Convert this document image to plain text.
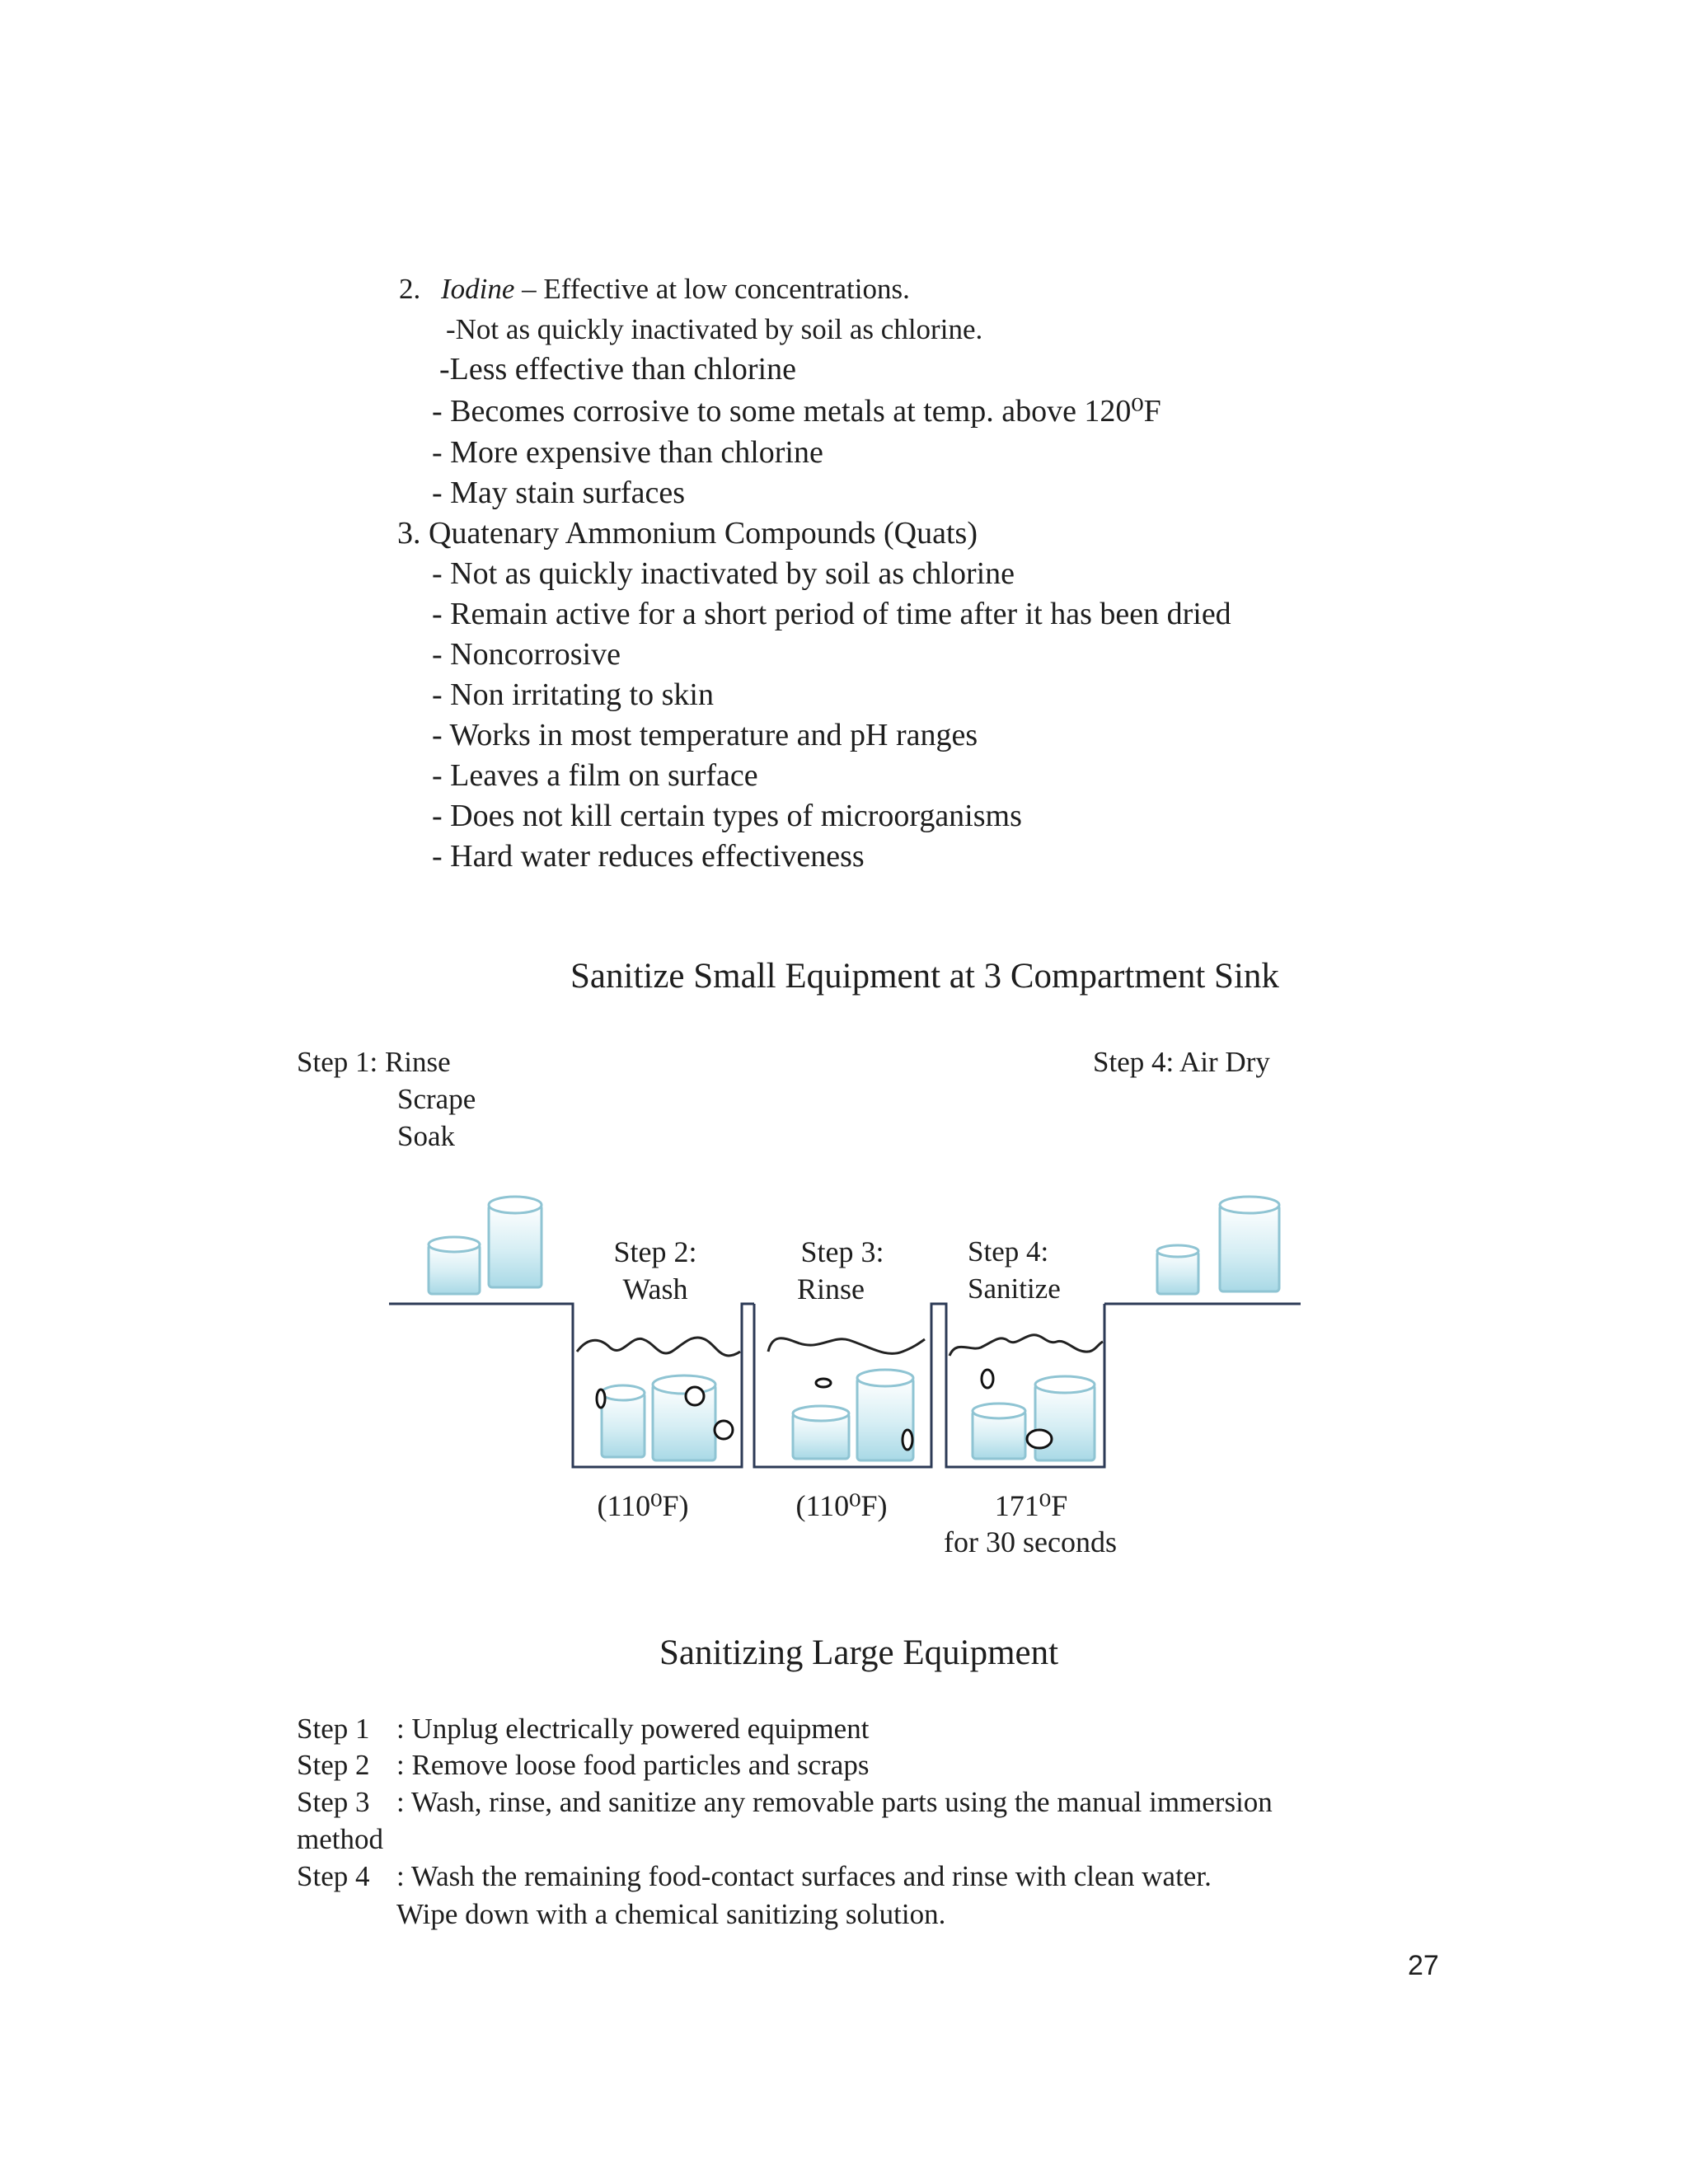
2. Iodine – Effective at low concentrations.
-Not as quickly inactivated by soil as chlorine.
-Less effective than chlorine
- Becomes corrosive to some metals at temp. above 120⁰F
- More expensive than chlorine
- May stain surfaces
3. Quatenary Ammonium Compounds (Quats)
- Not as quickly inactivated by soil as chlorine
- Remain active for a short period of time after it has been dried
- Noncorrosive
- Non irritating to skin
- Works in most temperature and pH ranges
- Leaves a film on surface
- Does not kill certain types of microorganisms
- Hard water reduces effectiveness
Sanitize Small Equipment at 3 Compartment Sink
Step 1: Rinse
Scrape
Soak
Step 4: Air Dry
Step 2:
Wash
Step 3:
Rinse
Step 4:
Sanitize
(110⁰F)	(110⁰F)	171⁰F
for 30 seconds
Sanitizing Large Equipment
Step 1 : Unplug electrically powered equipment
Step 2 : Remove loose food particles and scraps
Step 3 : Wash, rinse, and sanitize any removable parts using the manual immersion
method
Step 4 : Wash the remaining food-contact surfaces and rinse with clean water.
Wipe down with a chemical sanitizing solution.
27
